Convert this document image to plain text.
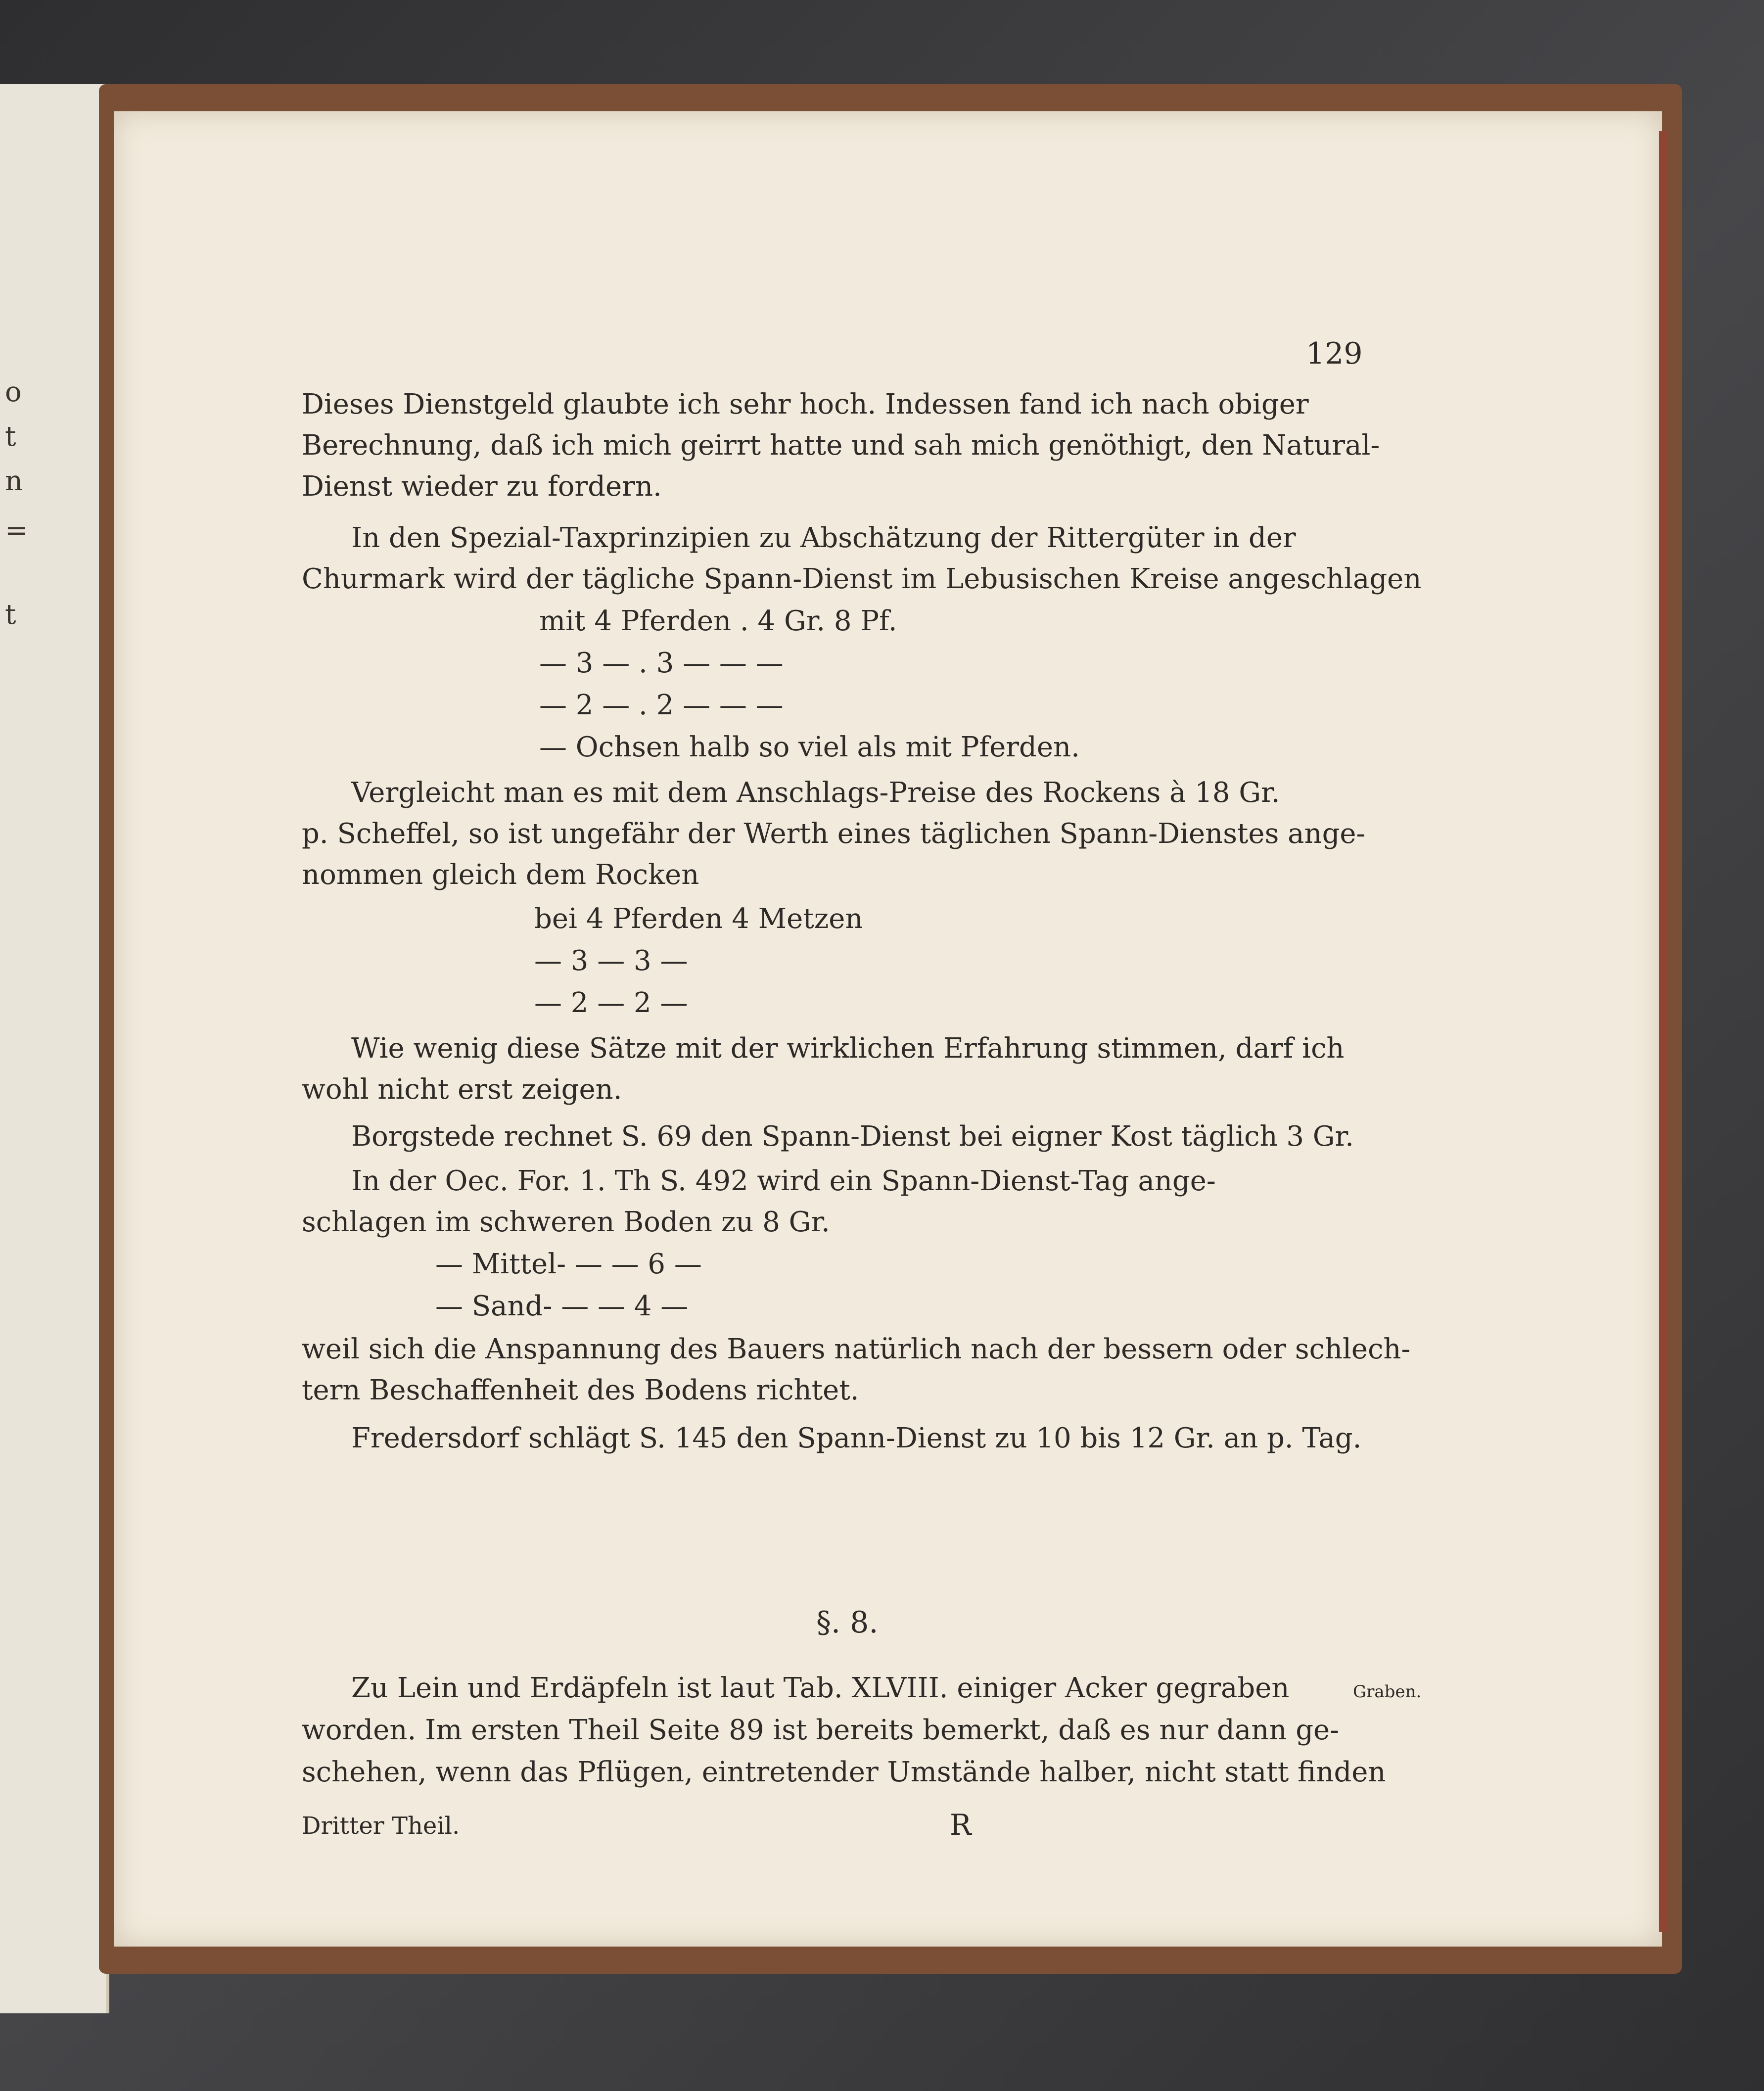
o
t
n
=
t
129
Dieses Dienstgeld glaubte ich sehr hoch. Indessen fand ich nach obiger
Berechnung, daß ich mich geirrt hatte und sah mich genöthigt, den Natural-
Dienst wieder zu fordern.
In den Spezial-Taxprinzipien zu Abschätzung der Rittergüter in der
Churmark wird der tägliche Spann-Dienst im Lebusischen Kreise angeschlagen
mit 4 Pferden . 4 Gr. 8 Pf.
— 3 — . 3 — — —
— 2 — . 2 — — —
— Ochsen halb so viel als mit Pferden.
Vergleicht man es mit dem Anschlags-Preise des Rockens à 18 Gr.
p. Scheffel, so ist ungefähr der Werth eines täglichen Spann-Dienstes ange-
nommen gleich dem Rocken
bei 4 Pferden 4 Metzen
— 3 — 3 —
— 2 — 2 —
Wie wenig diese Sätze mit der wirklichen Erfahrung stimmen, darf ich
wohl nicht erst zeigen.
Borgstede rechnet S. 69 den Spann-Dienst bei eigner Kost täglich 3 Gr.
In der Oec. For. 1. Th S. 492 wird ein Spann-Dienst-Tag ange-
schlagen im schweren Boden zu 8 Gr.
— Mittel- — — 6 —
— Sand- — — 4 —
weil sich die Anspannung des Bauers natürlich nach der bessern oder schlech-
tern Beschaffenheit des Bodens richtet.
Fredersdorf schlägt S. 145 den Spann-Dienst zu 10 bis 12 Gr. an p. Tag.
§. 8.
Zu Lein und Erdäpfeln ist laut Tab. XLVIII. einiger Acker gegraben
worden. Im ersten Theil Seite 89 ist bereits bemerkt, daß es nur dann ge-
schehen, wenn das Pflügen, eintretender Umstände halber, nicht statt finden
Graben.
Dritter Theil.	R
